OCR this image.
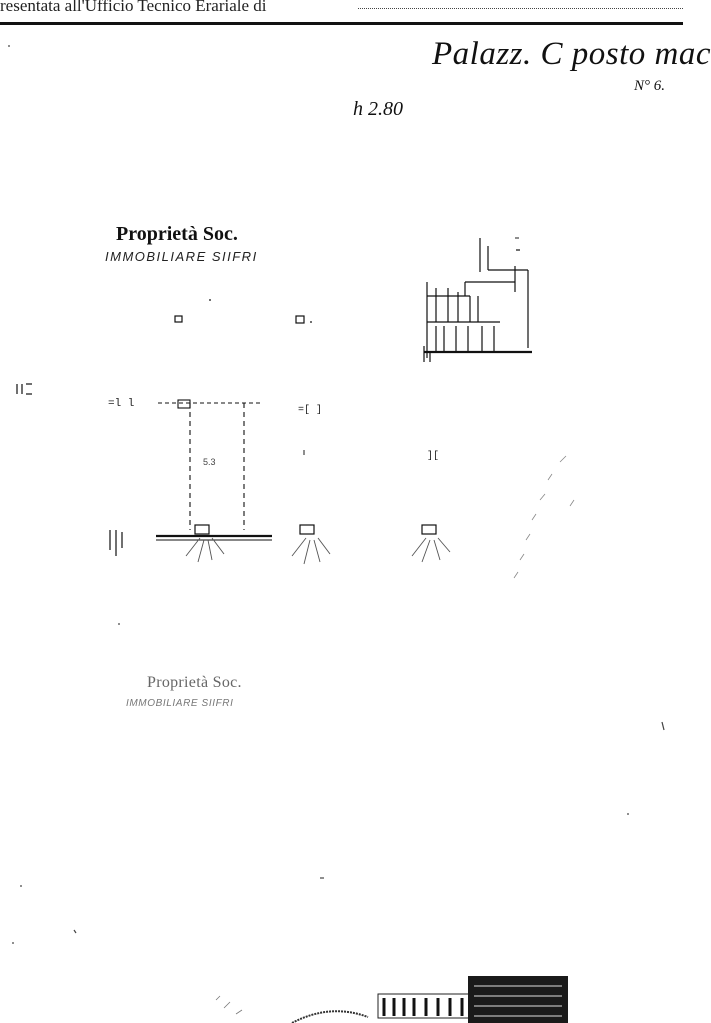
resentata all'Ufficio Tecnico Erariale di
Palazz. C posto mac
N° 6.
h 2.80
Proprietà Soc.
IMMOBILIARE SIIFRI
Proprietà Soc.
IMMOBILIARE SIIFRI
5.3
=l l
=[ ]
][
